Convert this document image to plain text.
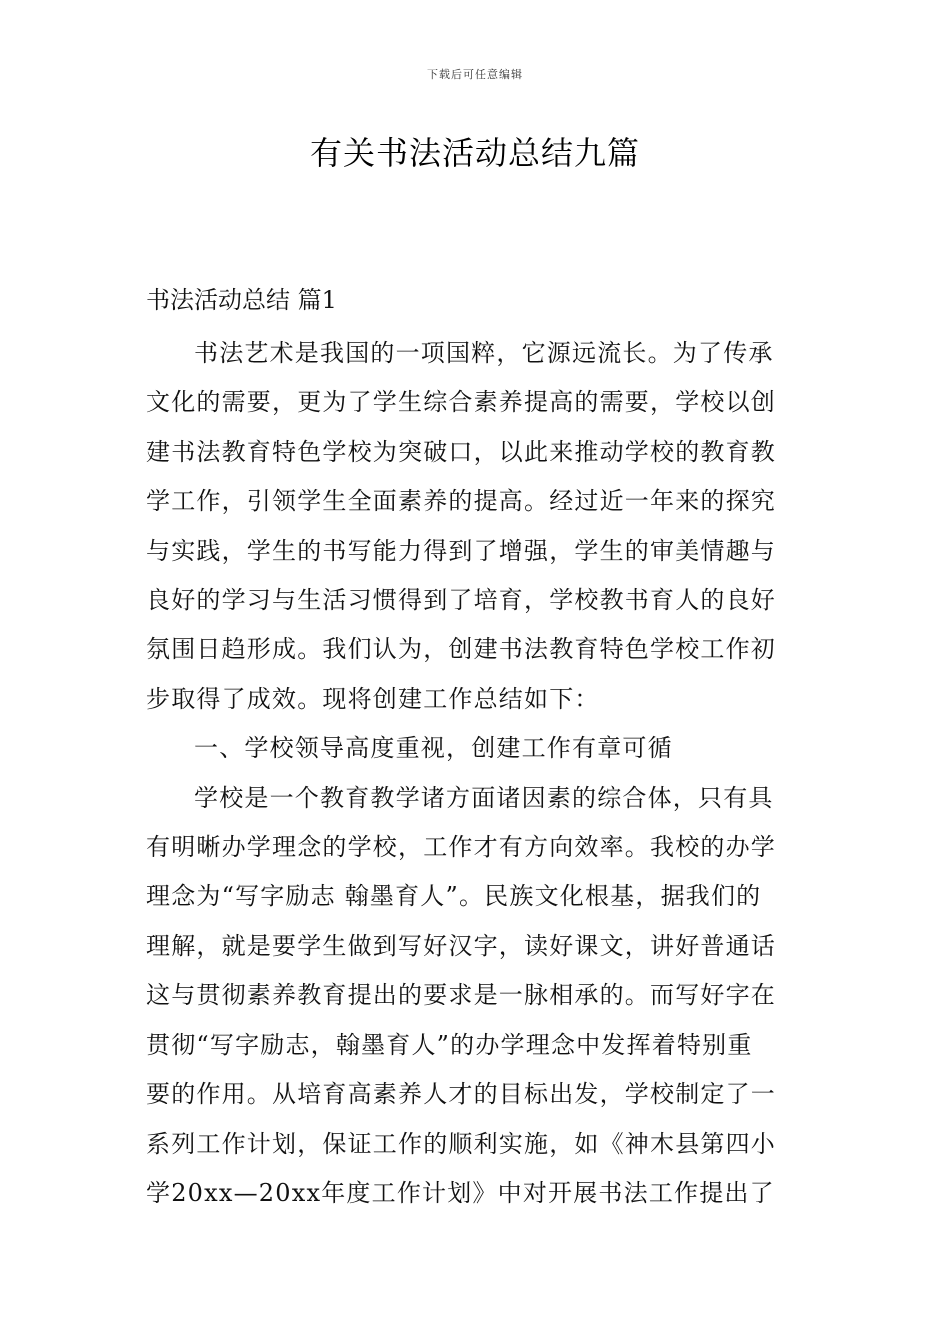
下载后可任意编辑
有关书法活动总结九篇
书法活动总结 篇1
书法艺术是我国的一项国粹，它源远流长。为了传承
文化的需要，更为了学生综合素养提高的需要，学校以创
建书法教育特色学校为突破口，以此来推动学校的教育教
学工作，引领学生全面素养的提高。经过近一年来的探究
与实践，学生的书写能力得到了增强，学生的审美情趣与
良好的学习与生活习惯得到了培育，学校教书育人的良好
氛围日趋形成。我们认为，创建书法教育特色学校工作初
步取得了成效。现将创建工作总结如下：
一、学校领导高度重视，创建工作有章可循
学校是一个教育教学诸方面诸因素的综合体，只有具
有明晰办学理念的学校，工作才有方向效率。我校的办学
理念为“写字励志 翰墨育人”。民族文化根基，据我们的
理解，就是要学生做到写好汉字，读好课文，讲好普通话
这与贯彻素养教育提出的要求是一脉相承的。而写好字在
贯彻“写字励志，翰墨育人”的办学理念中发挥着特别重
要的作用。从培育高素养人才的目标出发，学校制定了一
系列工作计划，保证工作的顺利实施，如《神木县第四小
学20xx—20xx年度工作计划》中对开展书法工作提出了
